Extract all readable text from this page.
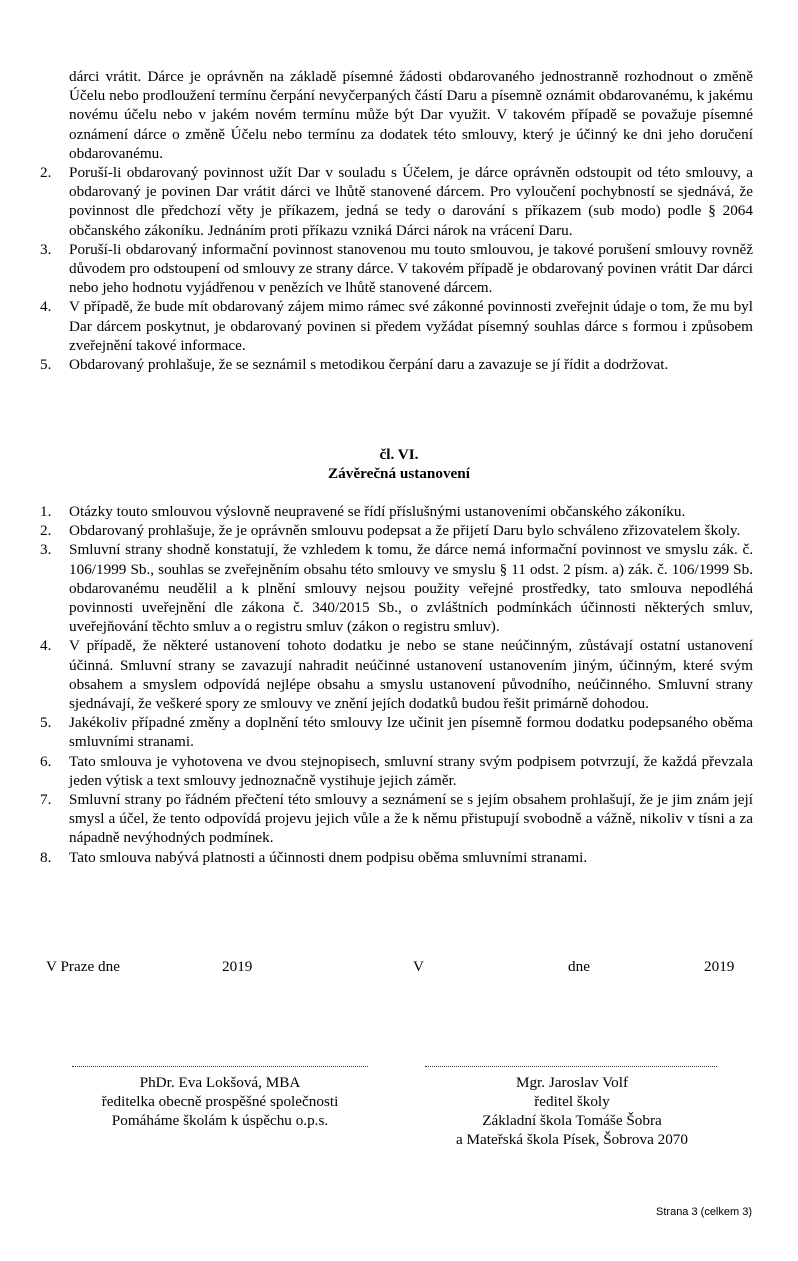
dárci vrátit. Dárce je oprávněn na základě písemné žádosti obdarovaného jednostranně rozhodnout o změně Účelu nebo prodloužení termínu čerpání nevyčerpaných částí Daru a písemně oznámit obdarovanému, k jakému novému účelu nebo v jakém novém termínu může být Dar využit. V takovém případě se považuje písemné oznámení dárce o změně Účelu nebo termínu za dodatek této smlouvy, který je účinný ke dni jeho doručení obdarovanému.
2. Poruší-li obdarovaný povinnost užít Dar v souladu s Účelem, je dárce oprávněn odstoupit od této smlouvy, a obdarovaný je povinen Dar vrátit dárci ve lhůtě stanovené dárcem. Pro vyloučení pochybností se sjednává, že povinnost dle předchozí věty je příkazem, jedná se tedy o darování s příkazem (sub modo) podle § 2064 občanského zákoníku. Jednáním proti příkazu vzniká Dárci nárok na vrácení Daru.
3. Poruší-li obdarovaný informační povinnost stanovenou mu touto smlouvou, je takové porušení smlouvy rovněž důvodem pro odstoupení od smlouvy ze strany dárce. V takovém případě je obdarovaný povinen vrátit Dar dárci nebo jeho hodnotu vyjádřenou v penězích ve lhůtě stanovené dárcem.
4. V případě, že bude mít obdarovaný zájem mimo rámec své zákonné povinnosti zveřejnit údaje o tom, že mu byl Dar dárcem poskytnut, je obdarovaný povinen si předem vyžádat písemný souhlas dárce s formou i způsobem zveřejnění takové informace.
5. Obdarovaný prohlašuje, že se seznámil s metodikou čerpání daru a zavazuje se jí řídit a dodržovat.
čl. VI.
Závěrečná ustanovení
1. Otázky touto smlouvou výslovně neupravené se řídí příslušnými ustanoveními občanského zákoníku.
2. Obdarovaný prohlašuje, že je oprávněn smlouvu podepsat a že přijetí Daru bylo schváleno zřizovatelem školy.
3. Smluvní strany shodně konstatují, že vzhledem k tomu, že dárce nemá informační povinnost ve smyslu zák. č. 106/1999 Sb., souhlas se zveřejněním obsahu této smlouvy ve smyslu § 11 odst. 2 písm. a) zák. č. 106/1999 Sb. obdarovanému neudělil a k plnění smlouvy nejsou použity veřejné prostředky, tato smlouva nepodléhá povinnosti uveřejnění dle zákona č. 340/2015 Sb., o zvláštních podmínkách účinnosti některých smluv, uveřejňování těchto smluv a o registru smluv (zákon o registru smluv).
4. V případě, že některé ustanovení tohoto dodatku je nebo se stane neúčinným, zůstávají ostatní ustanovení účinná. Smluvní strany se zavazují nahradit neúčinné ustanovení ustanovením jiným, účinným, které svým obsahem a smyslem odpovídá nejlépe obsahu a smyslu ustanovení původního, neúčinného. Smluvní strany sjednávají, že veškeré spory ze smlouvy ve znění jejích dodatků budou řešit primárně dohodou.
5. Jakékoliv případné změny a doplnění této smlouvy lze učinit jen písemně formou dodatku podepsaného oběma smluvními stranami.
6. Tato smlouva je vyhotovena ve dvou stejnopisech, smluvní strany svým podpisem potvrzují, že každá převzala jeden výtisk a text smlouvy jednoznačně vystihuje jejich záměr.
7. Smluvní strany po řádném přečtení této smlouvy a seznámení se s jejím obsahem prohlašují, že je jim znám její smysl a účel, že tento odpovídá projevu jejich vůle a že k němu přistupují svobodně a vážně, nikoliv v tísni a za nápadně nevýhodných podmínek.
8. Tato smlouva nabývá platnosti a účinnosti dnem podpisu oběma smluvními stranami.
V Praze dne	2019	V	dne	2019
PhDr. Eva Lokšová, MBA
ředitelka obecně prospěšné společnosti
Pomáháme školám k úspěchu o.p.s.
Mgr. Jaroslav Volf
ředitel školy
Základní škola Tomáše Šobra
a Mateřská škola Písek, Šobrova 2070
Strana 3 (celkem 3)
